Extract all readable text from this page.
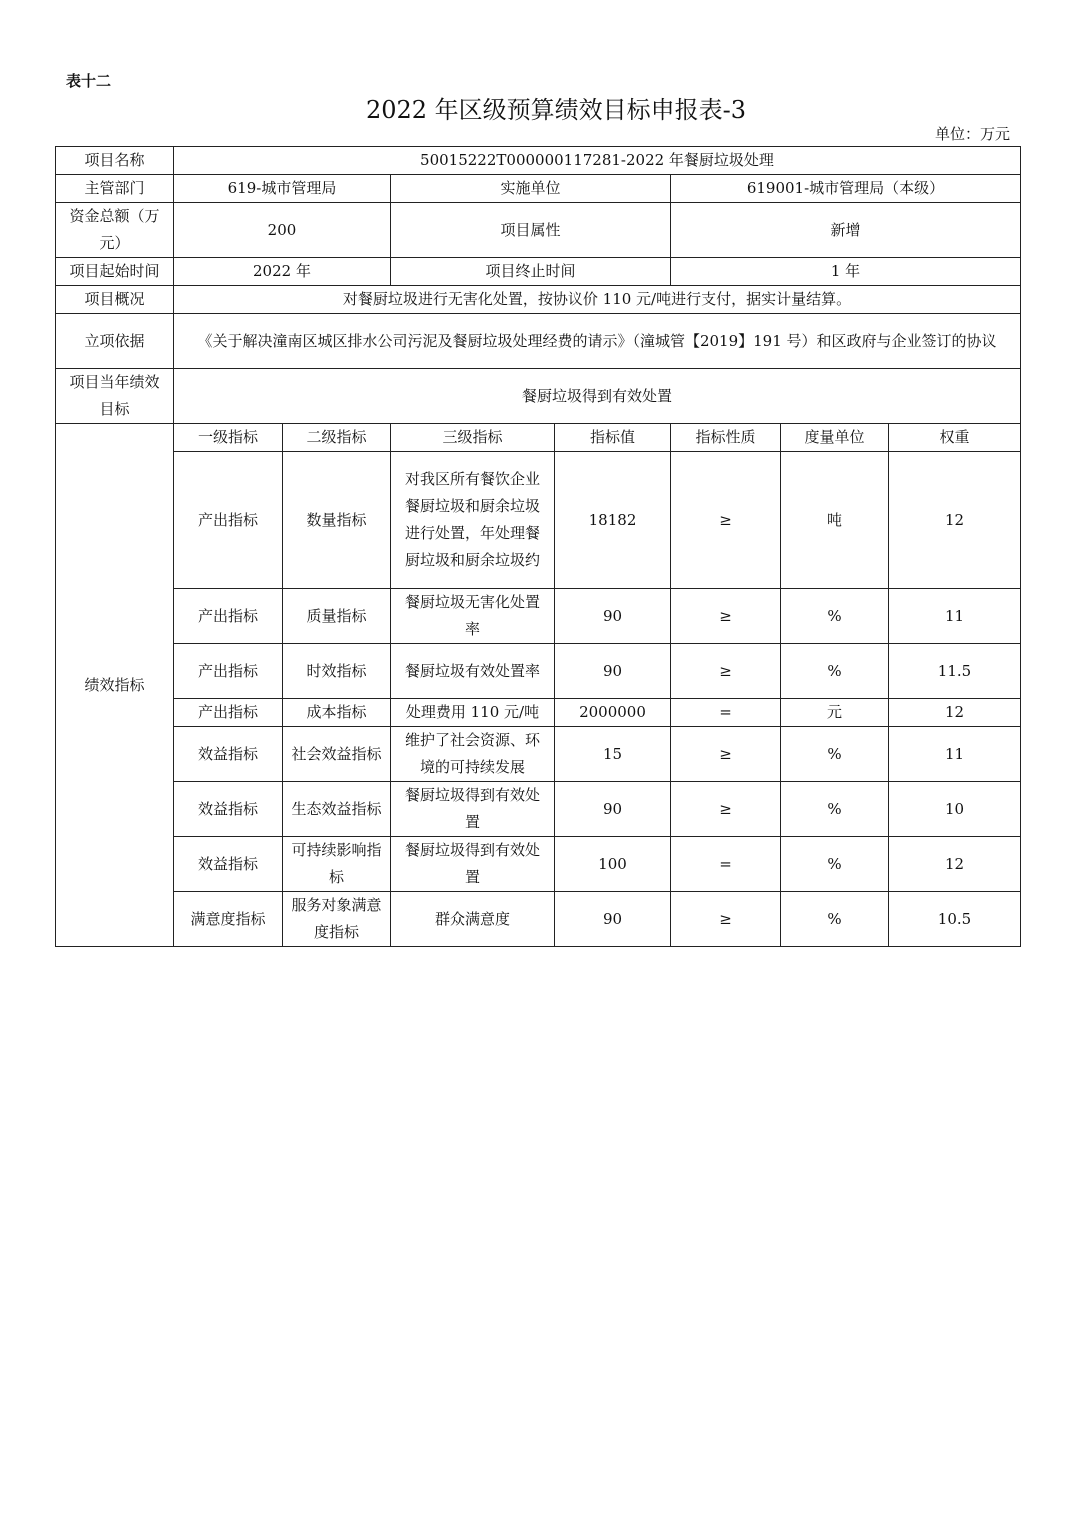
表十二
2022 年区级预算绩效目标申报表-3
单位：万元
项目名称	50015222T000000117281-2022 年餐厨垃圾处理						
主管部门	619-城市管理局		实施单位		619001-城市管理局（本级）		
资金总额（万元）	200		项目属性		新增		
项目起始时间	2022 年		项目终止时间		1 年		
项目概况	对餐厨垃圾进行无害化处置，按协议价 110 元/吨进行支付，据实计量结算。						
立项依据	《关于解决潼南区城区排水公司污泥及餐厨垃圾处理经费的请示》（潼城管【2019】191 号）和区政府与企业签订的协议						
项目当年绩效目标	餐厨垃圾得到有效处置						
绩效指标	一级指标	二级指标	三级指标	指标值	指标性质	度量单位	权重
	产出指标	数量指标	对我区所有餐饮企业餐厨垃圾和厨余垃圾进行处置，年处理餐厨垃圾和厨余垃圾约	18182	≥	吨	12
	产出指标	质量指标	餐厨垃圾无害化处置率	90	≥	%	11
	产出指标	时效指标	餐厨垃圾有效处置率	90	≥	%	11.5
	产出指标	成本指标	处理费用 110 元/吨	2000000	=	元	12
	效益指标	社会效益指标	维护了社会资源、环境的可持续发展	15	≥	%	11
	效益指标	生态效益指标	餐厨垃圾得到有效处置	90	≥	%	10
	效益指标	可持续影响指标	餐厨垃圾得到有效处置	100	=	%	12
	满意度指标	服务对象满意度指标	群众满意度	90	≥	%	10.5
